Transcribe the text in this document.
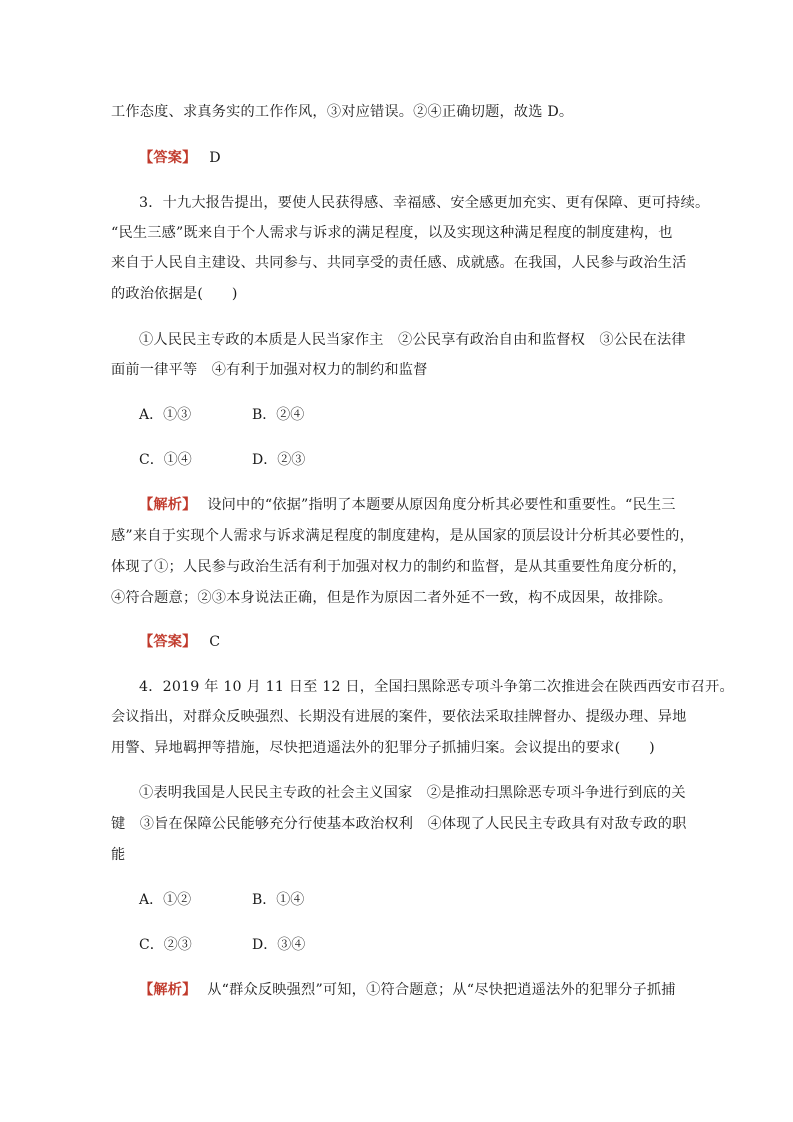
工作态度、求真务实的工作作风，③对应错误。②④正确切题，故选 D。
【答案】 D
3．十九大报告提出，要使人民获得感、幸福感、安全感更加充实、更有保障、更可持续。
“民生三感”既来自于个人需求与诉求的满足程度，以及实现这种满足程度的制度建构，也
来自于人民自主建设、共同参与、共同享受的责任感、成就感。在我国，人民参与政治生活
的政治依据是(　　)
①人民民主专政的本质是人民当家作主　②公民享有政治自由和监督权　③公民在法律
面前一律平等　④有利于加强对权力的制约和监督
A．①③	B．②④
C．①④	D．②③
【解析】 设问中的“依据”指明了本题要从原因角度分析其必要性和重要性。“民生三
感”来自于实现个人需求与诉求满足程度的制度建构，是从国家的顶层设计分析其必要性的，
体现了①；人民参与政治生活有利于加强对权力的制约和监督，是从其重要性角度分析的，
④符合题意；②③本身说法正确，但是作为原因二者外延不一致，构不成因果，故排除。
【答案】 C
4．2019 年 10 月 11 日至 12 日，全国扫黑除恶专项斗争第二次推进会在陕西西安市召开。
会议指出，对群众反映强烈、长期没有进展的案件，要依法采取挂牌督办、提级办理、异地
用警、异地羁押等措施，尽快把逍遥法外的犯罪分子抓捕归案。会议提出的要求(　　)
①表明我国是人民民主专政的社会主义国家　②是推动扫黑除恶专项斗争进行到底的关
键　③旨在保障公民能够充分行使基本政治权利　④体现了人民民主专政具有对敌专政的职
能
A．①②	B．①④
C．②③	D．③④
【解析】 从“群众反映强烈”可知，①符合题意；从“尽快把逍遥法外的犯罪分子抓捕
